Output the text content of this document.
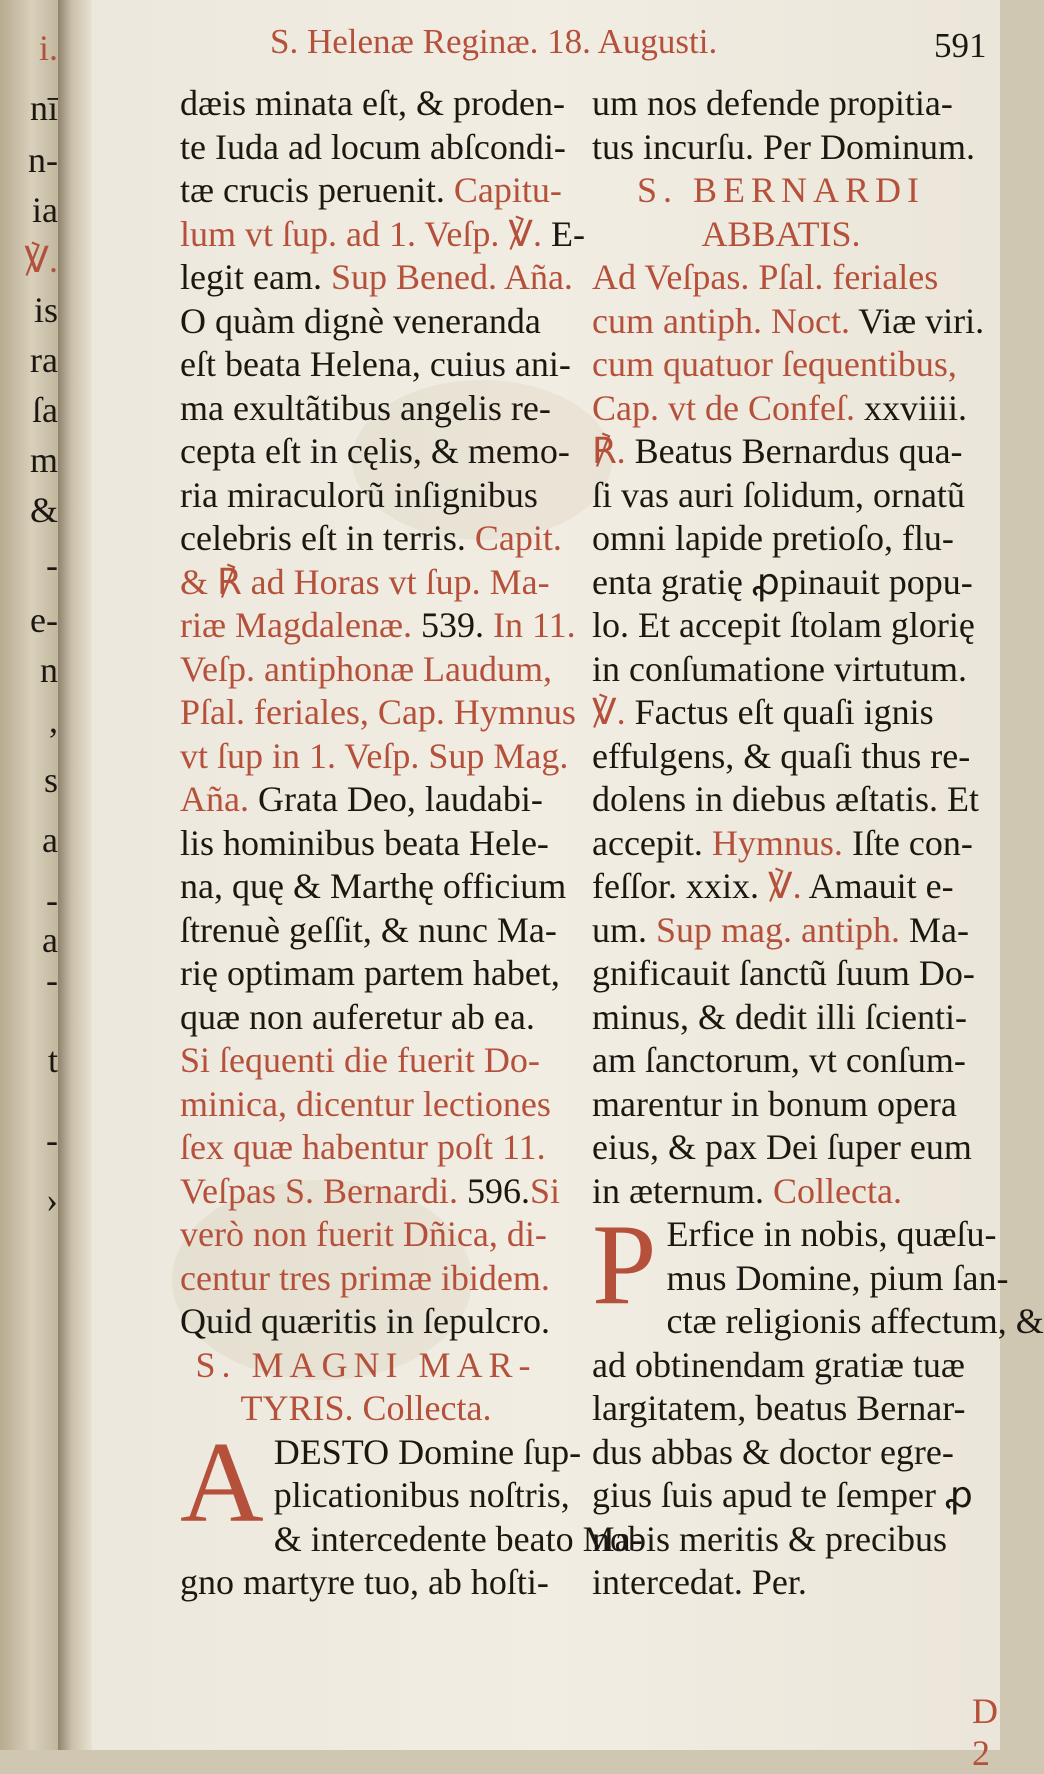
i.
nī
n-
ia
℣.
is
ra
ſa
m
&
-
e-
n
,
s
a
-
a
-
t
-
›
S. Helenæ Reginæ. 18. Augusti.	591
dæis minata eſt, & proden-
te Iuda ad locum abſcondi-
tæ crucis peruenit. Capitu-
lum vt ſup. ad 1. Veſp. ℣. E-
legit eam. Sup Bened. Aña.
O quàm dignè veneranda
eſt beata Helena, cuius ani-
ma exultãtibus angelis re-
cepta eſt in cęlis, & memo-
ria miraculorũ inſignibus
celebris eſt in terris. Capit.
& ℟ ad Horas vt ſup. Ma-
riæ Magdalenæ. 539. In 11.
Veſp. antiphonæ Laudum,
Pſal. feriales, Cap. Hymnus
vt ſup in 1. Veſp. Sup Mag.
Aña. Grata Deo, laudabi-
lis hominibus beata Hele-
na, quę & Marthę officium
ſtrenuè geſſit, & nunc Ma-
rię optimam partem habet,
quæ non auferetur ab ea.
Si ſequenti die fuerit Do-
minica, dicentur lectiones
ſex quæ habentur poſt 11.
Veſpas S. Bernardi. 596.Si
verò non fuerit Dñica, di-
centur tres primæ ibidem.
Quid quæritis in ſepulcro.
S. MAGNI MAR-
TYRIS. Collecta.
A DESTO Domine ſup-
plicationibus noſtris,
& intercedente beato Ma-
gno martyre tuo, ab hoſti-
um nos defende propitia-
tus incurſu. Per Dominum.
S. BERNARDI
ABBATIS.
Ad Veſpas. Pſal. feriales
cum antiph. Noct. Viæ viri.
cum quatuor ſequentibus,
Cap. vt de Confeſ. xxviiii.
℟. Beatus Bernardus qua-
ſi vas auri ſolidum, ornatũ
omni lapide pretioſo, flu-
enta gratię ꝓpinauit popu-
lo. Et accepit ſtolam glorię
in conſumatione virtutum.
℣. Factus eſt quaſi ignis
effulgens, & quaſi thus re-
dolens in diebus æſtatis. Et
accepit. Hymnus. Iſte con-
feſſor. xxix. ℣. Amauit e-
um. Sup mag. antiph. Ma-
gnificauit ſanctũ ſuum Do-
minus, & dedit illi ſcienti-
am ſanctorum, vt conſum-
marentur in bonum opera
eius, & pax Dei ſuper eum
in æternum. Collecta.
P Erfice in nobis, quæſu-
mus Domine, pium ſan-
ctæ religionis affectum, &
ad obtinendam gratiæ tuæ
largitatem, beatus Bernar-
dus abbas & doctor egre-
gius ſuis apud te ſemper ꝓ
nobis meritis & precibus
intercedat. Per.
D 2
